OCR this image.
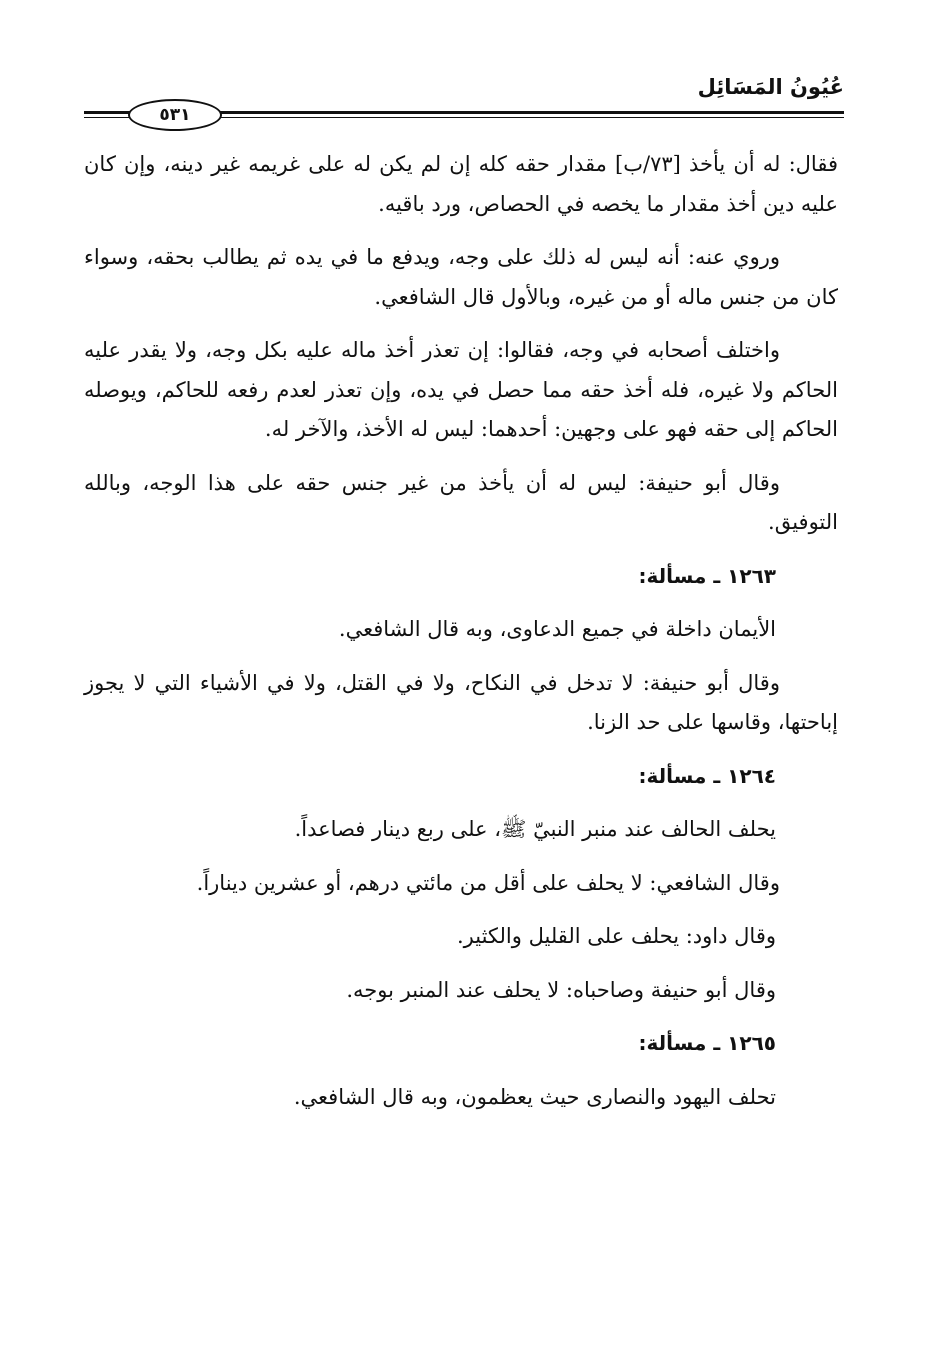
عُيُونُ المَسَائِل
٥٣١

فقال: له أن يأخذ [٧٣/ب] مقدار حقه كله إن لم يكن له على غريمه غير دينه، وإن كان عليه دين أخذ مقدار ما يخصه في الحصاص، ورد باقيه.

وروي عنه: أنه ليس له ذلك على وجه، ويدفع ما في يده ثم يطالب بحقه، وسواء كان من جنس ماله أو من غيره، وبالأول قال الشافعي.

واختلف أصحابه في وجه، فقالوا: إن تعذر أخذ ماله عليه بكل وجه، ولا يقدر عليه الحاكم ولا غيره، فله أخذ حقه مما حصل في يده، وإن تعذر لعدم رفعه للحاكم، ويوصله الحاكم إلى حقه فهو على وجهين: أحدهما: ليس له الأخذ، والآخر له.

وقال أبو حنيفة: ليس له أن يأخذ من غير جنس حقه على هذا الوجه، وبالله التوفيق.

١٢٦٣ ـ مسألة:

الأيمان داخلة في جميع الدعاوى، وبه قال الشافعي.

وقال أبو حنيفة: لا تدخل في النكاح، ولا في القتل، ولا في الأشياء التي لا يجوز إباحتها، وقاسها على حد الزنا.

١٢٦٤ ـ مسألة:

يحلف الحالف عند منبر النبيّ ﷺ، على ربع دينار فصاعداً.

وقال الشافعي: لا يحلف على أقل من مائتي درهم، أو عشرين ديناراً.

وقال داود: يحلف على القليل والكثير.

وقال أبو حنيفة وصاحباه: لا يحلف عند المنبر بوجه.

١٢٦٥ ـ مسألة:

تحلف اليهود والنصارى حيث يعظمون، وبه قال الشافعي.
